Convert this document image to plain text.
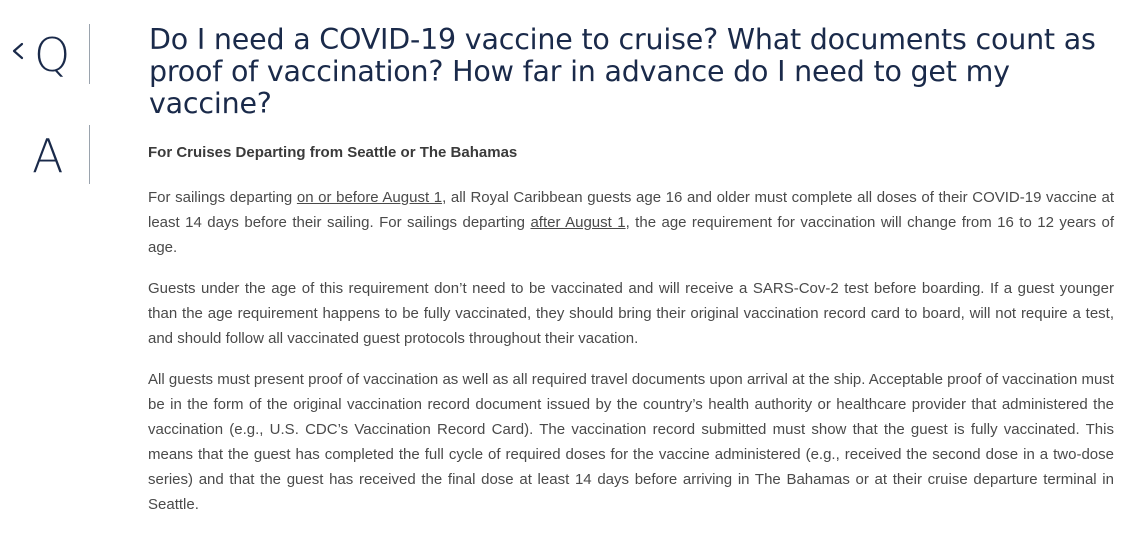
Q	Do I need a COVID-19 vaccine to cruise? What documents count as proof of vaccination? How far in advance do I need to get my vaccine?
A	For Cruises Departing from Seattle or The Bahamas

For sailings departing on or before August 1, all Royal Caribbean guests age 16 and older must complete all doses of their COVID-19 vaccine at least 14 days before their sailing. For sailings departing after August 1, the age requirement for vaccination will change from 16 to 12 years of age.

Guests under the age of this requirement don’t need to be vaccinated and will receive a SARS-Cov-2 test before boarding. If a guest younger than the age requirement happens to be fully vaccinated, they should bring their original vaccination record card to board, will not require a test, and should follow all vaccinated guest protocols throughout their vacation.

All guests must present proof of vaccination as well as all required travel documents upon arrival at the ship. Acceptable proof of vaccination must be in the form of the original vaccination record document issued by the country’s health authority or healthcare provider that administered the vaccination (e.g., U.S. CDC’s Vaccination Record Card). The vaccination record submitted must show that the guest is fully vaccinated. This means that the guest has completed the full cycle of required doses for the vaccine administered (e.g., received the second dose in a two-dose series) and that the guest has received the final dose at least 14 days before arriving in The Bahamas or at their cruise departure terminal in Seattle.
